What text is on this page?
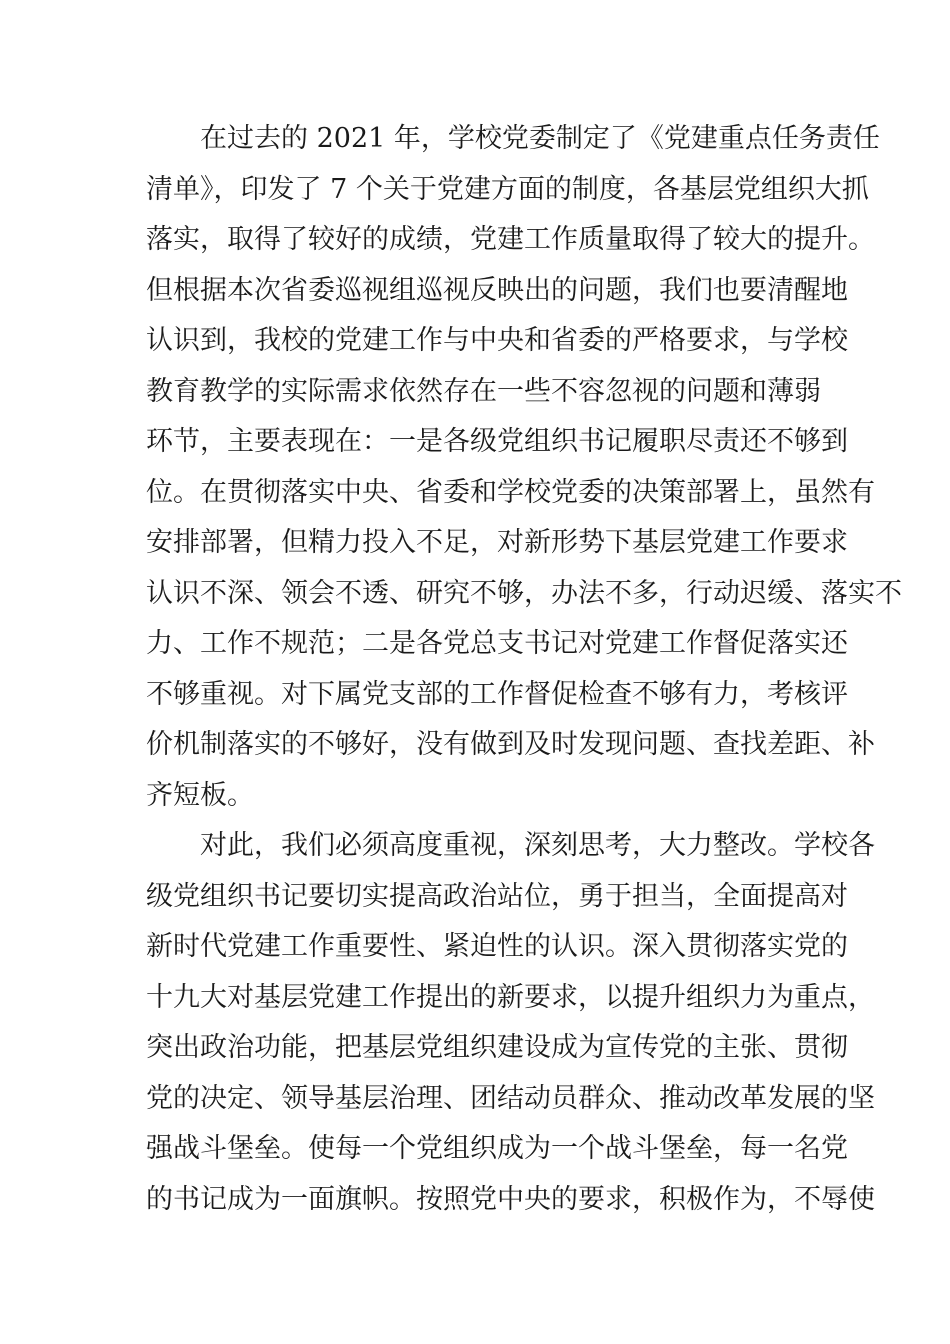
在过去的 2021 年，学校党委制定了《党建重点任务责任
清单》，印发了 7 个关于党建方面的制度，各基层党组织大抓
落实，取得了较好的成绩，党建工作质量取得了较大的提升。
但根据本次省委巡视组巡视反映出的问题，我们也要清醒地
认识到，我校的党建工作与中央和省委的严格要求，与学校
教育教学的实际需求依然存在一些不容忽视的问题和薄弱
环节，主要表现在：一是各级党组织书记履职尽责还不够到
位。在贯彻落实中央、省委和学校党委的决策部署上，虽然有
安排部署，但精力投入不足，对新形势下基层党建工作要求
认识不深、领会不透、研究不够，办法不多，行动迟缓、落实不
力、工作不规范；二是各党总支书记对党建工作督促落实还
不够重视。对下属党支部的工作督促检查不够有力，考核评
价机制落实的不够好，没有做到及时发现问题、查找差距、补
齐短板。
对此，我们必须高度重视，深刻思考，大力整改。学校各
级党组织书记要切实提高政治站位，勇于担当，全面提高对
新时代党建工作重要性、紧迫性的认识。深入贯彻落实党的
十九大对基层党建工作提出的新要求，以提升组织力为重点，
突出政治功能，把基层党组织建设成为宣传党的主张、贯彻
党的决定、领导基层治理、团结动员群众、推动改革发展的坚
强战斗堡垒。使每一个党组织成为一个战斗堡垒，每一名党
的书记成为一面旗帜。按照党中央的要求，积极作为，不辱使
